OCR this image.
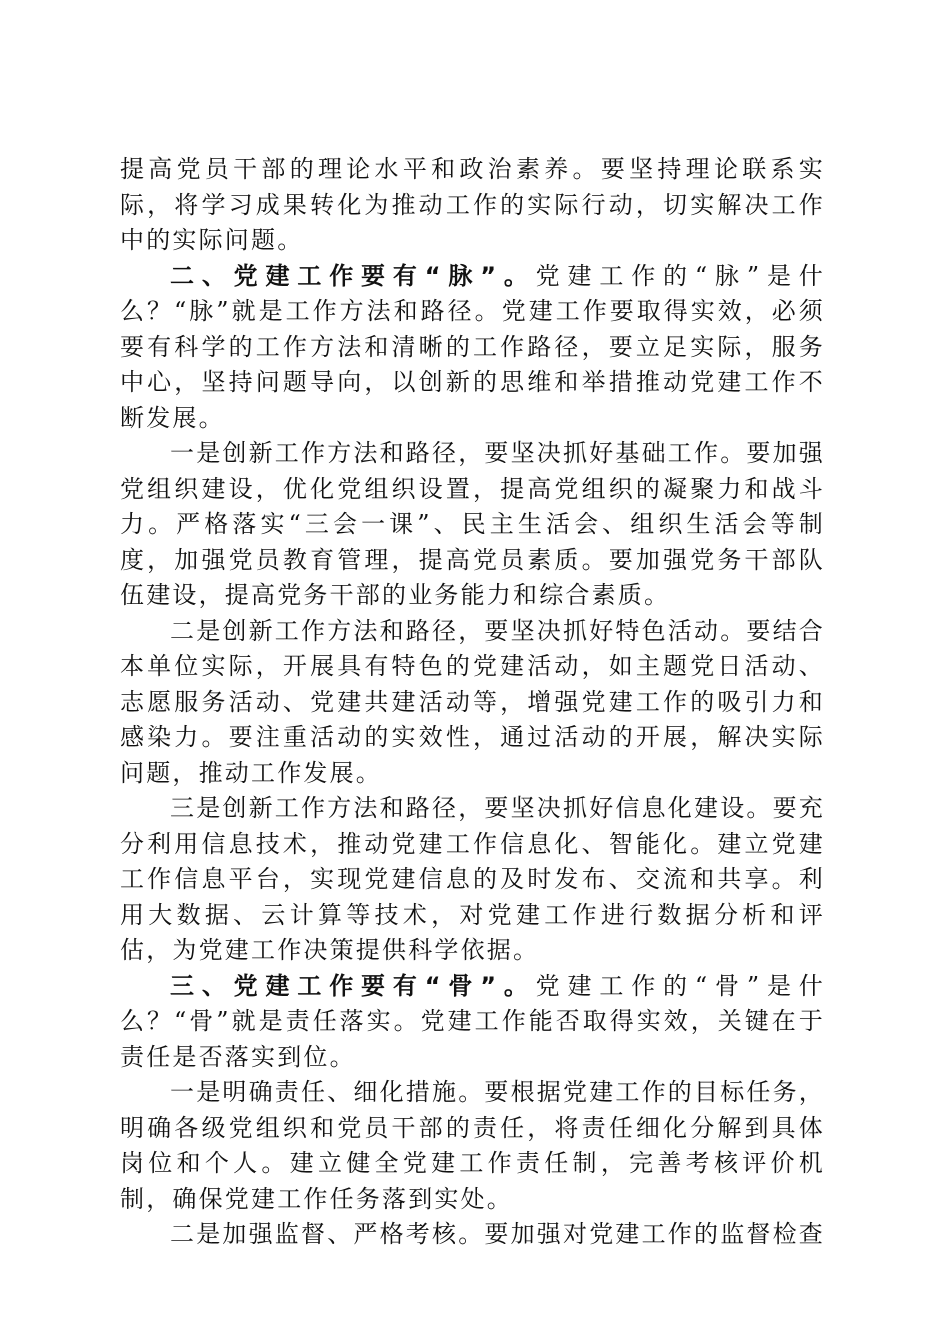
提高党员干部的理论水平和政治素养。要坚持理论联系实际，将学习成果转化为推动工作的实际行动，切实解决工作中的实际问题。

二、党建工作要有“脉”。党建工作的“脉”是什么？“脉”就是工作方法和路径。党建工作要取得实效，必须要有科学的工作方法和清晰的工作路径，要立足实际，服务中心，坚持问题导向，以创新的思维和举措推动党建工作不断发展。

一是创新工作方法和路径，要坚决抓好基础工作。要加强党组织建设，优化党组织设置，提高党组织的凝聚力和战斗力。严格落实“三会一课”、民主生活会、组织生活会等制度，加强党员教育管理，提高党员素质。要加强党务干部队伍建设，提高党务干部的业务能力和综合素质。

二是创新工作方法和路径，要坚决抓好特色活动。要结合本单位实际，开展具有特色的党建活动，如主题党日活动、志愿服务活动、党建共建活动等，增强党建工作的吸引力和感染力。要注重活动的实效性，通过活动的开展，解决实际问题，推动工作发展。

三是创新工作方法和路径，要坚决抓好信息化建设。要充分利用信息技术，推动党建工作信息化、智能化。建立党建工作信息平台，实现党建信息的及时发布、交流和共享。利用大数据、云计算等技术，对党建工作进行数据分析和评估，为党建工作决策提供科学依据。

三、党建工作要有“骨”。党建工作的“骨”是什么？“骨”就是责任落实。党建工作能否取得实效，关键在于责任是否落实到位。

一是明确责任、细化措施。要根据党建工作的目标任务，明确各级党组织和党员干部的责任，将责任细化分解到具体岗位和个人。建立健全党建工作责任制，完善考核评价机制，确保党建工作任务落到实处。

二是加强监督、严格考核。要加强对党建工作的监督检查
